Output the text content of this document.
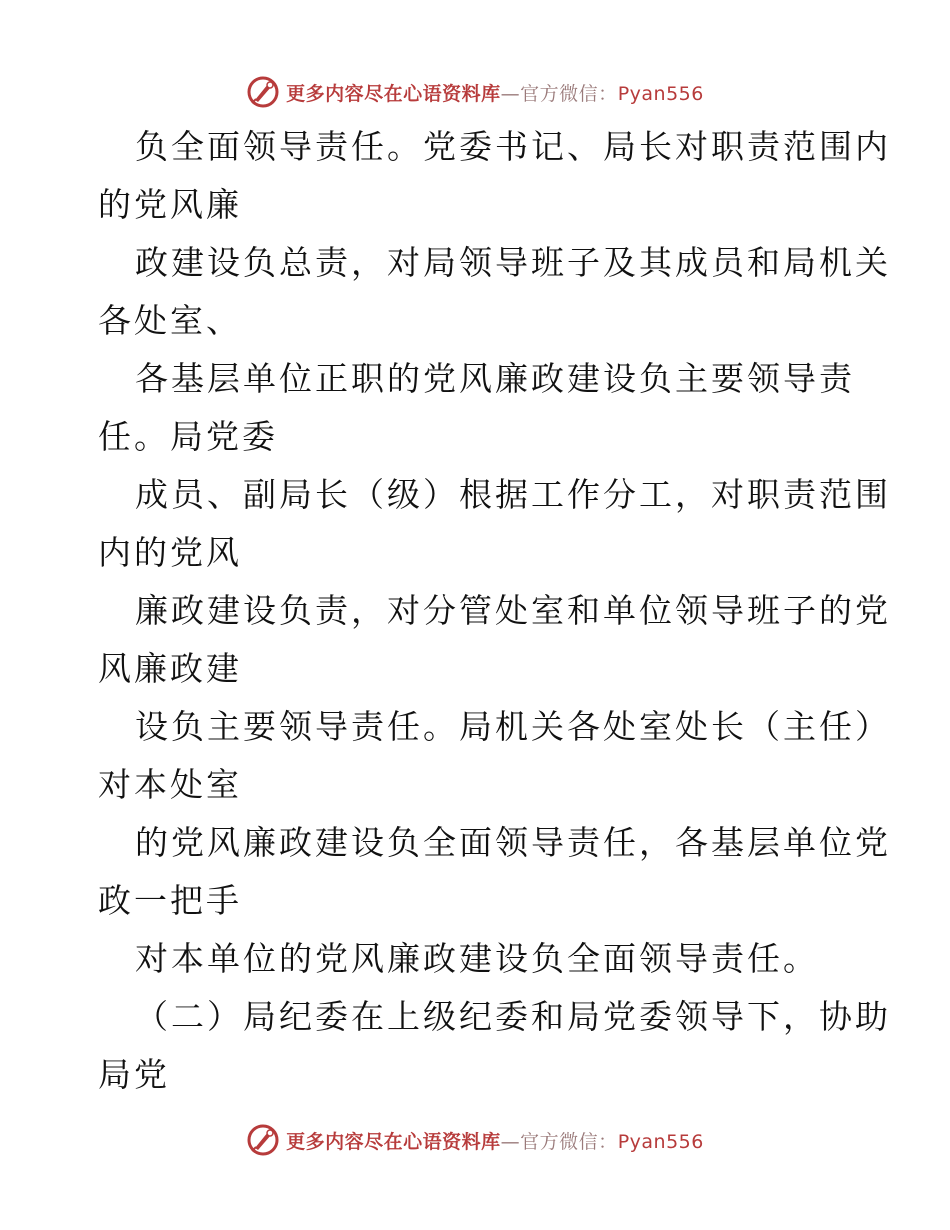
更多内容尽在心语资料库—官方微信：Pyan556
负全面领导责任。党委书记、局长对职责范围内
的党风廉
政建设负总责，对局领导班子及其成员和局机关
各处室、
各基层单位正职的党风廉政建设负主要领导责
任。局党委
成员、副局长（级）根据工作分工，对职责范围
内的党风
廉政建设负责，对分管处室和单位领导班子的党
风廉政建
设负主要领导责任。局机关各处室处长（主任）
对本处室
的党风廉政建设负全面领导责任，各基层单位党
政一把手
对本单位的党风廉政建设负全面领导责任。
（二）局纪委在上级纪委和局党委领导下，协助
局党
更多内容尽在心语资料库—官方微信：Pyan556
